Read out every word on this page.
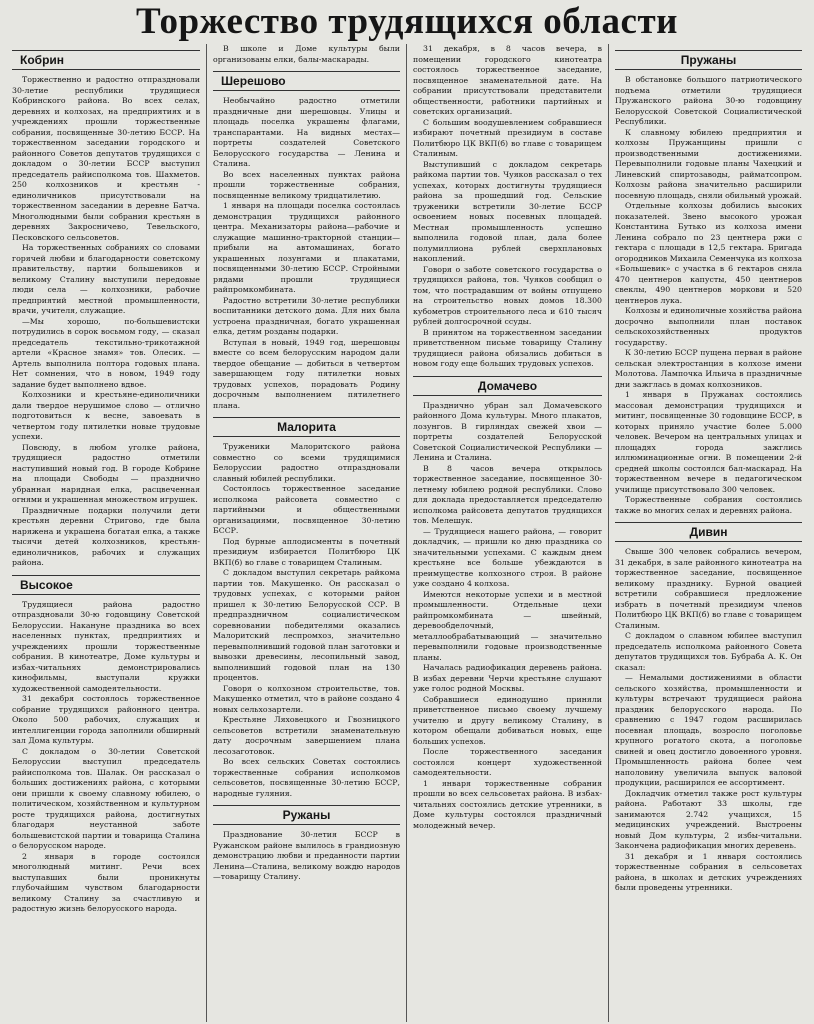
Торжество трудящихся области
Кобрин

Торжественно и радостно отпраздновали 30-летие республики трудящиеся Кобринского района. Во всех селах, деревнях и колхозах, на предприятиях и в учреждениях прошли торжественные собрания, посвященные 30-летию БССР. На торжественном заседании городского и районного Советов депутатов трудящихся с докладом о 30-летии БССР выступил председатель райисполкома тов. Шахметов. 250 колхозников и крестьян - единоличников присутствовали на торжественном заседании в деревне Батча. Многолюдными были собрания крестьян в деревнях Закросничево, Тевельского, Песковского сельсоветов.

На торжественных собраниях со словами горячей любви и благодарности советскому правительству, партии большевиков и великому Сталину выступили передовые люди села — колхозники, рабочие предприятий местной промышленности, врачи, учителя, служащие.

—Мы хорошо, по-большевистски потрудились в сорок восьмом году, — сказал председатель текстильно-трикотажной артели «Красное знамя» тов. Олесик. — Артель выполнила полтора годовых плана. Нет сомнения, что в новом, 1949 году задание будет выполнено вдвое.

Колхозники и крестьяне-единоличники дали твердое нерушимое слово — отлично подготовиться к весне, завоевать в четвертом году пятилетки новые трудовые успехи.

Повсюду, в любом уголке района, трудящиеся радостно отметили наступивший новый год. В городе Кобрине на площади Свободы — празднично убранная нарядная елка, расцвеченная огнями и украшенная множеством игрушек.

Праздничные подарки получили дети крестьян деревни Стригово, где была наряжена и украшена богатая елка, а также тысячи детей колхозников, крестьян-единоличников, рабочих и служащих района.

Высокое

Трудящиеся района радостно отпраздновали 30-ю годовщину Советской Белоруссии. Накануне праздника во всех населенных пунктах, предприятиях и учреждениях прошли торжественные собрания. В кинотеатре, Доме культуры и избах-читальнях демонстрировались кинофильмы, выступали кружки художественной самодеятельности.

31 декабря состоялось торжественное собрание трудящихся районного центра. Около 500 рабочих, служащих и интеллигенции города заполнили обширный зал Дома культуры.

С докладом о 30-летии Советской Белоруссии выступил председатель райисполкома тов. Шалак. Он рассказал о больших достижениях района, с которыми они пришли к своему славному юбилею, о политическом, хозяйственном и культурном росте трудящихся района, достигнутых благодаря неустанной заботе большевистской партии и товарища Сталина о белорусском народе.

2 января в городе состоялся многолюдный митинг. Речи всех выступавших были проникнуты глубочайшим чувством благодарности великому Сталину за счастливую и радостную жизнь белорусского народа.

В школе и Доме культуры были организованы елки, балы-маскарады.

Шерешово

Необычайно радостно отметили праздничные дни шерешовцы. Улицы и площадь поселка украшены флагами, транспарантами. На видных местах—портреты создателей Советского Белорусского государства — Ленина и Сталина.

Во всех населенных пунктах района прошли торжественные собрания, посвященные великому тридцатилетию.

1 января на площади поселка состоялась демонстрация трудящихся районного центра. Механизаторы района—рабочие и служащие машинно-тракторной станции—прибыли на автомашинах, богато украшенных лозунгами и плакатами, посвященными 30-летию БССР. Стройными рядами прошли трудящиеся райпромкомбината.

Радостно встретили 30-летие республики воспитанники детского дома. Для них была устроена праздничная, богато украшенная елка, детям розданы подарки.

Вступая в новый, 1949 год, шерешовцы вместе со всем белорусским народом дали твердое обещание — добиться в четвертом завершающем году пятилетки новых трудовых успехов, порадовать Родину досрочным выполнением пятилетнего плана.

Малорита

Труженики Малоритского района совместно со всеми трудящимися Белоруссии радостно отпраздновали славный юбилей республики.

Состоялось торжественное заседание исполкома райсовета совместно с партийными и общественными организациями, посвященное 30-летию БССР.

Под бурные аплодисменты в почетный президиум избирается Политбюро ЦК ВКП(б) во главе с товарищем Сталиным.

С докладом выступил секретарь райкома партии тов. Макушенко. Он рассказал о трудовых успехах, с которыми район пришел к 30-летию Белорусской ССР. В предпраздничном социалистическом соревновании победителями оказались Малоритский леспромхоз, значительно перевыполнивший годовой план заготовки и вывозки древесины, лесопильный завод, выполнивший годовой план на 130 процентов.

Говоря о колхозном строительстве, тов. Макушенко отметил, что в районе создано 4 новых сельхозартели.

Крестьяне Ляховецкого и Гвозницкого сельсоветов встретили знаменательную дату досрочным завершением плана лесозаготовок.

Во всех сельских Советах состоялись торжественные собрания исполкомов сельсоветов, посвященные 30-летию БССР, народные гуляния.

Ружаны

Празднование 30-летия БССР в Ружанском районе вылилось в грандиозную демонстрацию любви и преданности партии Ленина—Сталина, великому вождю народов—товарищу Сталину.

31 декабря, в 8 часов вечера, в помещении городского кинотеатра состоялось торжественное заседание, посвященное знаменательной дате. На собрании присутствовали представители общественности, работники партийных и советских организаций.

С большим воодушевлением собравшиеся избирают почетный президиум в составе Политбюро ЦК ВКП(б) во главе с товарищем Сталиным.

Выступивший с докладом секретарь райкома партии тов. Чуяков рассказал о тех успехах, которых достигнуты трудящиеся района за прошедший год. Сельские труженики встретили 30-летие БССР освоением новых посевных площадей. Местная промышленность успешно выполнила годовой план, дала более полумиллиона рублей сверхплановых накоплений.

Говоря о заботе советского государства о трудящихся района, тов. Чуяков сообщил о том, что пострадавшим от войны отпущено на строительство новых домов 18.300 кубометров строительного леса и 610 тысяч рублей долгосрочной ссуды.

В принятом на торжественном заседании приветственном письме товарищу Сталину трудящиеся района обязались добиться в новом году еще больших трудовых успехов.

Домачево

Празднично убран зал Домачевского районного Дома культуры. Много плакатов, лозунгов. В гирляндах свежей хвои — портреты создателей Белорусской Советской Социалистической Республики — Ленина и Сталина.

В 8 часов вечера открылось торжественное заседание, посвященное 30-летнему юбилею родной республики. Слово для доклада предоставляется председателю исполкома райсовета депутатов трудящихся тов. Мелешук.

— Трудящиеся нашего района, — говорит докладчик, — пришли ко дню праздника со значительными успехами. С каждым днем крестьяне все больше убеждаются в преимуществе колхозного строя. В районе уже создано 4 колхоза.

Имеются некоторые успехи и в местной промышленности. Отдельные цехи райпромкомбината — швейный, деревообделочный, металлообрабатывающий — значительно перевыполнили годовые производственные планы.

Началась радиофикация деревень района. В избах деревни Черчи крестьяне слушают уже голос родной Москвы.

Собравшиеся единодушно приняли приветственное письмо своему лучшему учителю и другу великому Сталину, в котором обещали добиваться новых, еще больших успехов.

После торжественного заседания состоялся концерт художественной самодеятельности.

1 января торжественные собрания прошли во всех сельсоветах района. В избах-читальнях состоялись детские утренники, в Доме культуры состоялся праздничный молодежный вечер.

Пружаны

В обстановке большого патриотического подъема отметили трудящиеся Пружанского района 30-ю годовщину Белорусской Советской Социалистической Республики.

К славному юбилею предприятия и колхозы Пружанщины пришли с производственными достижениями. Перевыполнили годовые планы Чахецкий и Линевский спиртозаводы, райматсопром. Колхозы района значительно расширили посевную площадь, сняли обильный урожай.

Отдельные колхозы добились высоких показателей. Звено высокого урожая Константина Бутько из колхоза имени Ленина собрало по 23 центнера ржи с гектара с площади в 12,5 гектара. Бригада огородников Михаила Семенчука из колхоза «Большевик» с участка в 6 гектаров сняла 470 центнеров капусты, 450 центнеров свеклы, 490 центнеров моркови и 520 центнеров лука.

Колхозы и единоличные хозяйства района досрочно выполнили план поставок сельскохозяйственных продуктов государству.

К 30-летию БССР пущена первая в районе сельская электростанция в колхозе имени Молотова. Лампочка Ильича в праздничные дни зажглась в домах колхозников.

1 января в Пружанах состоялись массовая демонстрация трудящихся и митинг, посвященные 30 годовщине БССР, в которых приняло участие более 5.000 человек. Вечером на центральных улицах и площадях города зажглись иллюминационные огни. В помещении 2-й средней школы состоялся бал-маскарад. На торжественном вечере в педагогическом училище присутствовало 300 человек.

Торжественные собрания состоялись также во многих селах и деревнях района.

Дивин

Свыше 300 человек собрались вечером, 31 декабря, в зале районного кинотеатра на торжественное заседание, посвященное великому празднику. Бурной овацией встретили собравшиеся предложение избрать в почетный президиум членов Политбюро ЦК ВКП(б) во главе с товарищем Сталиным.

С докладом о славном юбилее выступил председатель исполкома районного Совета депутатов трудящихся тов. Бубраба А. К. Он сказал:

— Немалыми достижениями в области сельского хозяйства, промышленности и культуры встречают трудящиеся района праздник белорусского народа. По сравнению с 1947 годом расширилась посевная площадь, возросло поголовье крупного рогатого скота, а поголовье свиней и овец достигло довоенного уровня. Промышленность района более чем наполовину увеличила выпуск валовой продукции, расширился ее ассортимент.

Докладчик отметил также рост культуры района. Работают 33 школы, где занимаются 2.742 учащихся, 15 медицинских учреждений. Выстроены новый Дом культуры, 2 избы-читальни. Закончена радиофикация многих деревень.

31 декабря и 1 января состоялись торжественные собрания в сельсоветах района, в школах и детских учреждениях были проведены утренники.
